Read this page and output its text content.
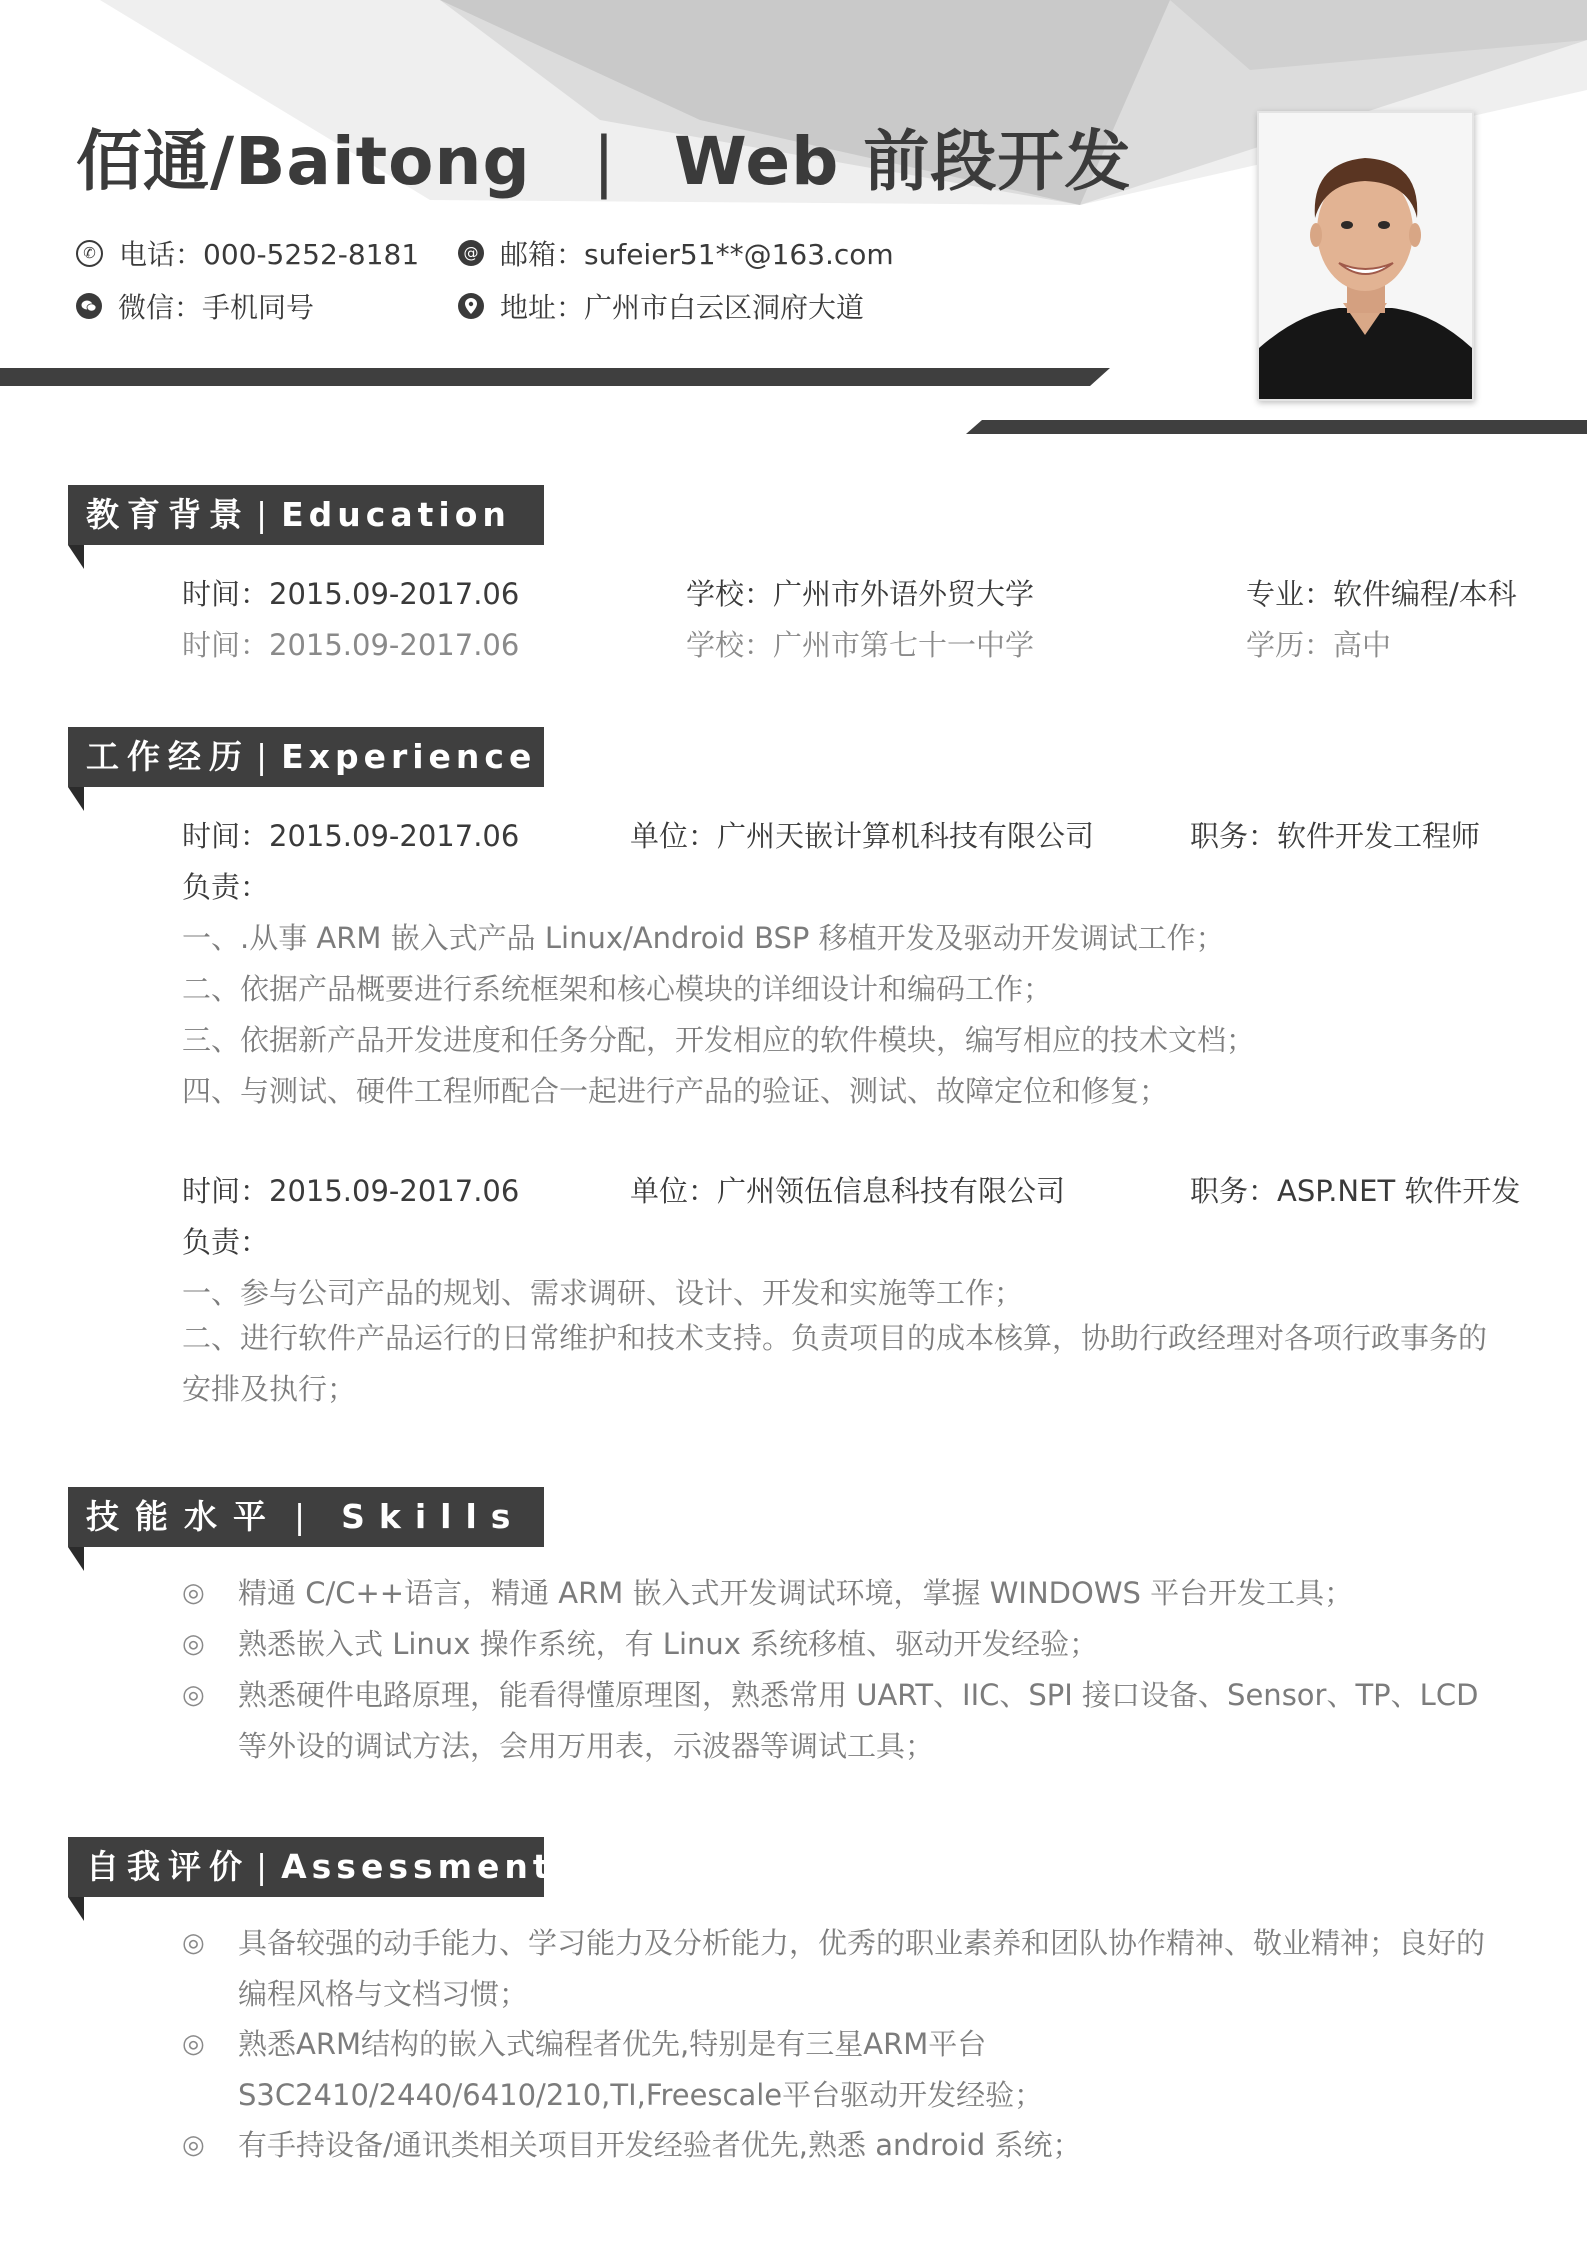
佰通/Baitong | Web 前段开发
✆ 电话：000-5252-8181	@ 邮箱：sufeier51**@163.com
微信：手机同号	地址：广州市白云区洞府大道
教育背景 | Education
时间：2015.09-2017.06	学校：广州市外语外贸大学	专业：软件编程/本科
时间：2015.09-2017.06	学校：广州市第七十一中学	学历：高中
工作经历 | Experience
时间：2015.09-2017.06	单位：广州天嵌计算机科技有限公司	职务：软件开发工程师
负责：
一、.从事 ARM 嵌入式产品 Linux/Android BSP 移植开发及驱动开发调试工作；
二、依据产品概要进行系统框架和核心模块的详细设计和编码工作；
三、依据新产品开发进度和任务分配，开发相应的软件模块，编写相应的技术文档；
四、与测试、硬件工程师配合一起进行产品的验证、测试、故障定位和修复；
时间：2015.09-2017.06	单位：广州领伍信息科技有限公司	职务：ASP.NET 软件开发
负责：
一、参与公司产品的规划、需求调研、设计、开发和实施等工作；
二、进行软件产品运行的日常维护和技术支持。负责项目的成本核算，协助行政经理对各项行政事务的安排及执行；
技能水平 | Skills
◎	精通 C/C++语言，精通 ARM 嵌入式开发调试环境，掌握 WINDOWS 平台开发工具；
◎	熟悉嵌入式 Linux 操作系统，有 Linux 系统移植、驱动开发经验；
◎	熟悉硬件电路原理，能看得懂原理图，熟悉常用 UART、IIC、SPI 接口设备、Sensor、TP、LCD 等外设的调试方法，会用万用表，示波器等调试工具；
自我评价 | Assessment
◎	具备较强的动手能力、学习能力及分析能力，优秀的职业素养和团队协作精神、敬业精神；良好的编程风格与文档习惯；
◎	熟悉ARM结构的嵌入式编程者优先,特别是有三星ARM平台S3C2410/2440/6410/210,TI,Freescale平台驱动开发经验；
◎	有手持设备/通讯类相关项目开发经验者优先,熟悉 android 系统；
